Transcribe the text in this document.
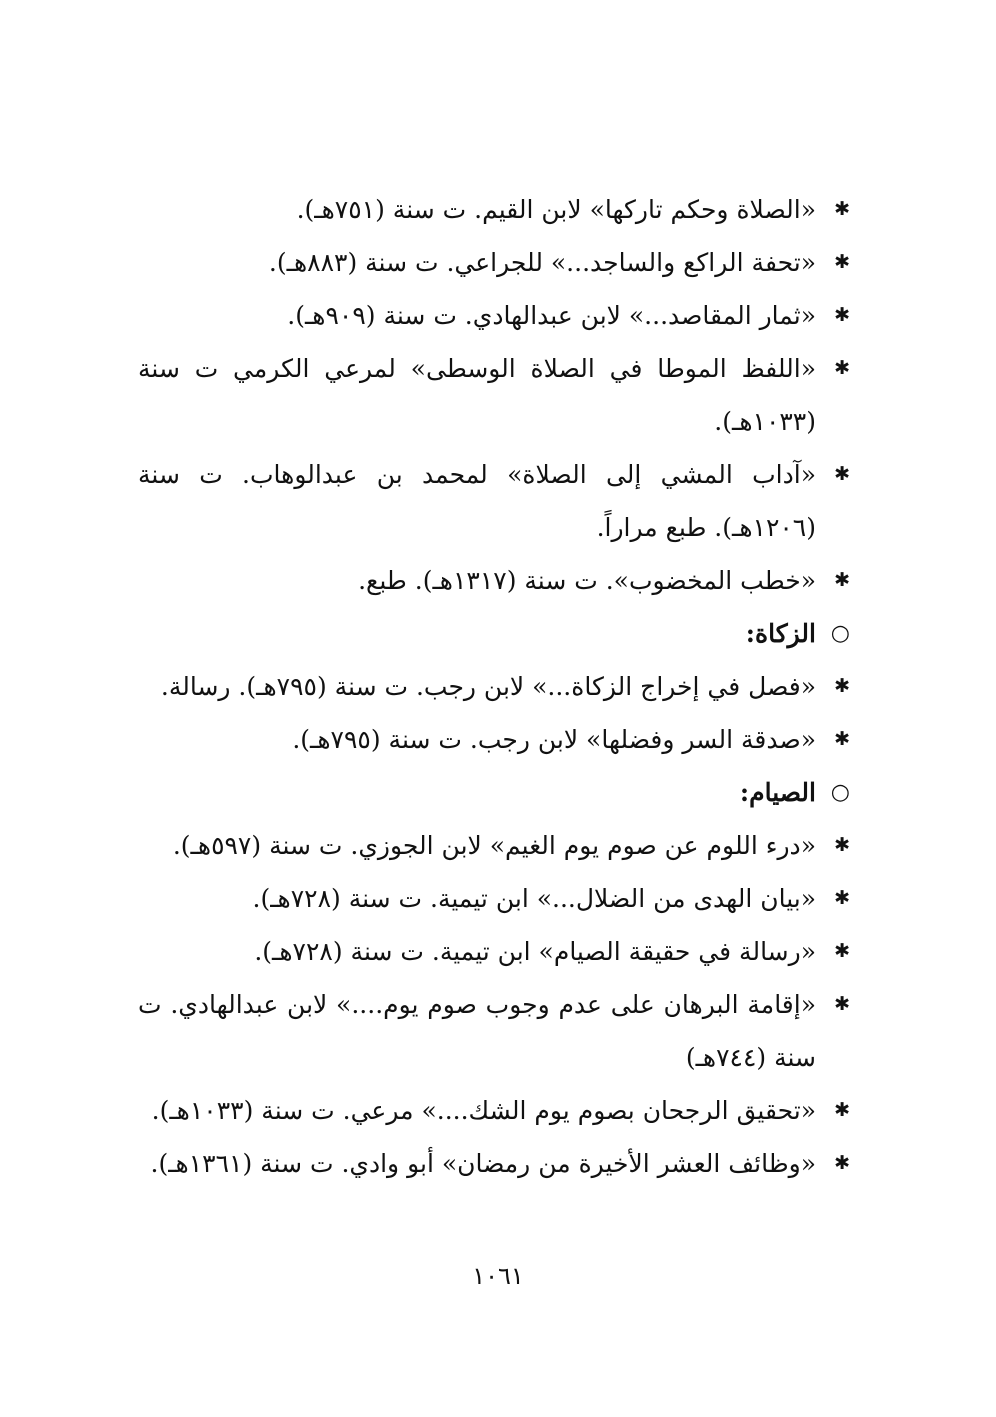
✱
«الصلاة وحكم تاركها» لابن القيم. ت سنة (٧٥١هـ).
✱
«تحفة الراكع والساجد...» للجراعي. ت سنة (٨٨٣هـ).
✱
«ثمار المقاصد...» لابن عبدالهادي. ت سنة (٩٠٩هـ).
✱
«اللفظ الموطا في الصلاة الوسطى» لمرعي الكرمي ت سنة (١٠٣٣هـ).
✱
«آداب المشي إلى الصلاة» لمحمد بن عبدالوهاب. ت سنة (١٢٠٦هـ). طبع مراراً.
✱
«خطب المخضوب». ت سنة (١٣١٧هـ). طبع.
○
الزكاة:
✱
«فصل في إخراج الزكاة...» لابن رجب. ت سنة (٧٩٥هـ). رسالة.
✱
«صدقة السر وفضلها» لابن رجب. ت سنة (٧٩٥هـ).
○
الصيام:
✱
«درء اللوم عن صوم يوم الغيم» لابن الجوزي. ت سنة (٥٩٧هـ).
✱
«بيان الهدى من الضلال...» ابن تيمية. ت سنة (٧٢٨هـ).
✱
«رسالة في حقيقة الصيام» ابن تيمية. ت سنة (٧٢٨هـ).
✱
«إقامة البرهان على عدم وجوب صوم يوم....» لابن عبدالهادي. ت سنة (٧٤٤هـ)
✱
«تحقيق الرجحان بصوم يوم الشك....» مرعي. ت سنة (١٠٣٣هـ).
✱
«وظائف العشر الأخيرة من رمضان» أبو وادي. ت سنة (١٣٦١هـ).
١٠٦١
